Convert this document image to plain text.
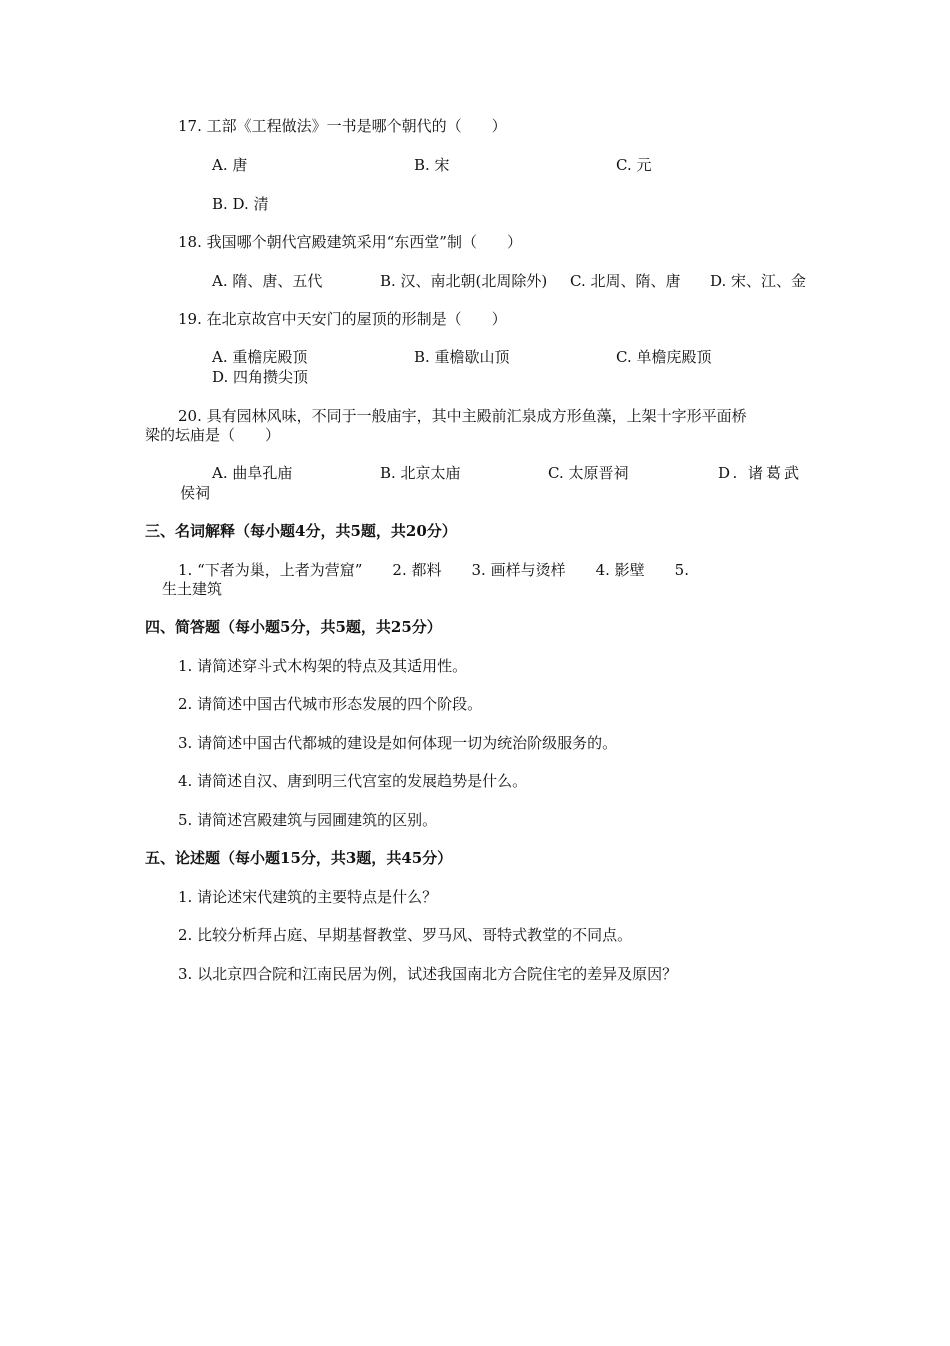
17. 工部《工程做法》一书是哪个朝代的（　　）
A. 唐	B. 宋	C. 元
B. D. 清
18. 我国哪个朝代宫殿建筑采用“东西堂”制（　　）
A. 隋、唐、五代	B. 汉、南北朝(北周除外) C. 北周、隋、唐 D. 宋、江、金
19. 在北京故宫中天安门的屋顶的形制是（　　）
A. 重檐庑殿顶	B. 重檐歇山顶	C. 单檐庑殿顶
D. 四角攒尖顶
20. 具有园林风味，不同于一般庙宇，其中主殿前汇泉成方形鱼藻，上架十字形平面桥
梁的坛庙是（　　）
A. 曲阜孔庙	B. 北京太庙	C. 太原晋祠	D. 诸葛武
侯祠
三、名词解释（每小题4分，共5题，共20分）
1. “下者为巢，上者为营窟”　　2. 都料　　3. 画样与烫样　　4. 影壁　　5.
生土建筑
四、简答题（每小题5分，共5题，共25分）
1. 请简述穿斗式木构架的特点及其适用性。
2. 请简述中国古代城市形态发展的四个阶段。
3. 请简述中国古代都城的建设是如何体现一切为统治阶级服务的。
4. 请简述自汉、唐到明三代宫室的发展趋势是什么。
5. 请简述宫殿建筑与园圃建筑的区别。
五、论述题（每小题15分，共3题，共45分）
1. 请论述宋代建筑的主要特点是什么？
2. 比较分析拜占庭、早期基督教堂、罗马风、哥特式教堂的不同点。
3. 以北京四合院和江南民居为例，试述我国南北方合院住宅的差异及原因？
